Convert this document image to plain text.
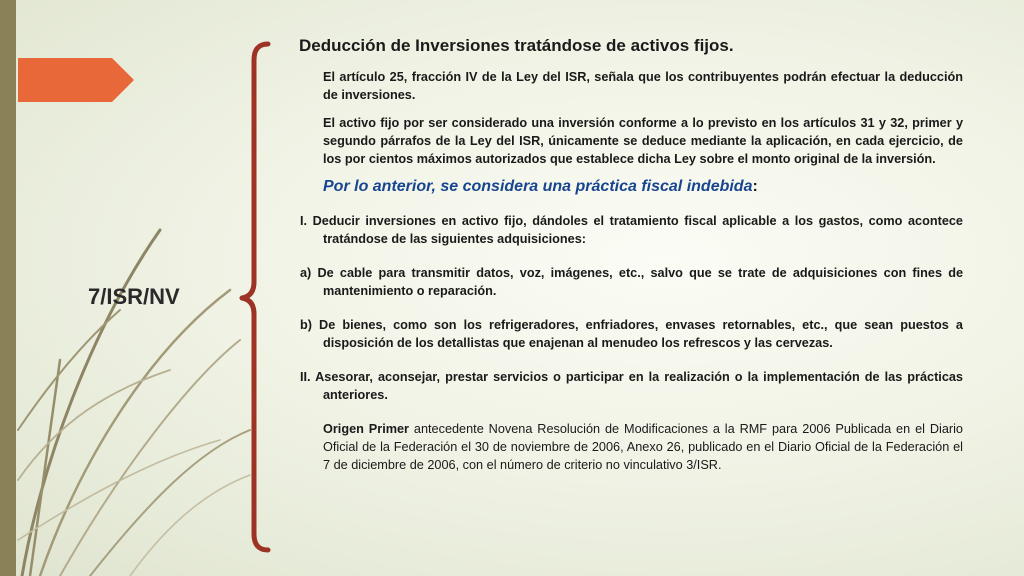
7/ISR/NV
Deducción de Inversiones tratándose de activos fijos.
El artículo 25, fracción IV de la Ley del ISR, señala que los contribuyentes podrán efectuar la deducción de inversiones.
El activo fijo por ser considerado una inversión conforme a lo previsto en los artículos 31 y 32, primer y segundo párrafos de la Ley del ISR, únicamente se deduce mediante la aplicación, en cada ejercicio, de los por cientos máximos autorizados que establece dicha Ley sobre el monto original de la inversión.
Por lo anterior, se considera una práctica fiscal indebida:
I. Deducir inversiones en activo fijo, dándoles el tratamiento fiscal aplicable a los gastos, como acontece tratándose de las siguientes adquisiciones:
a) De cable para transmitir datos, voz, imágenes, etc., salvo que se trate de adquisiciones con fines de mantenimiento o reparación.
b) De bienes, como son los refrigeradores, enfriadores, envases retornables, etc., que sean puestos a disposición de los detallistas que enajenan al menudeo los refrescos y las cervezas.
II. Asesorar, aconsejar, prestar servicios o participar en la realización o la implementación de las prácticas anteriores.
Origen Primer antecedente Novena Resolución de Modificaciones a la RMF para 2006 Publicada en el Diario Oficial de la Federación el 30 de noviembre de 2006, Anexo 26, publicado en el Diario Oficial de la Federación el 7 de diciembre de 2006, con el número de criterio no vinculativo 3/ISR.
